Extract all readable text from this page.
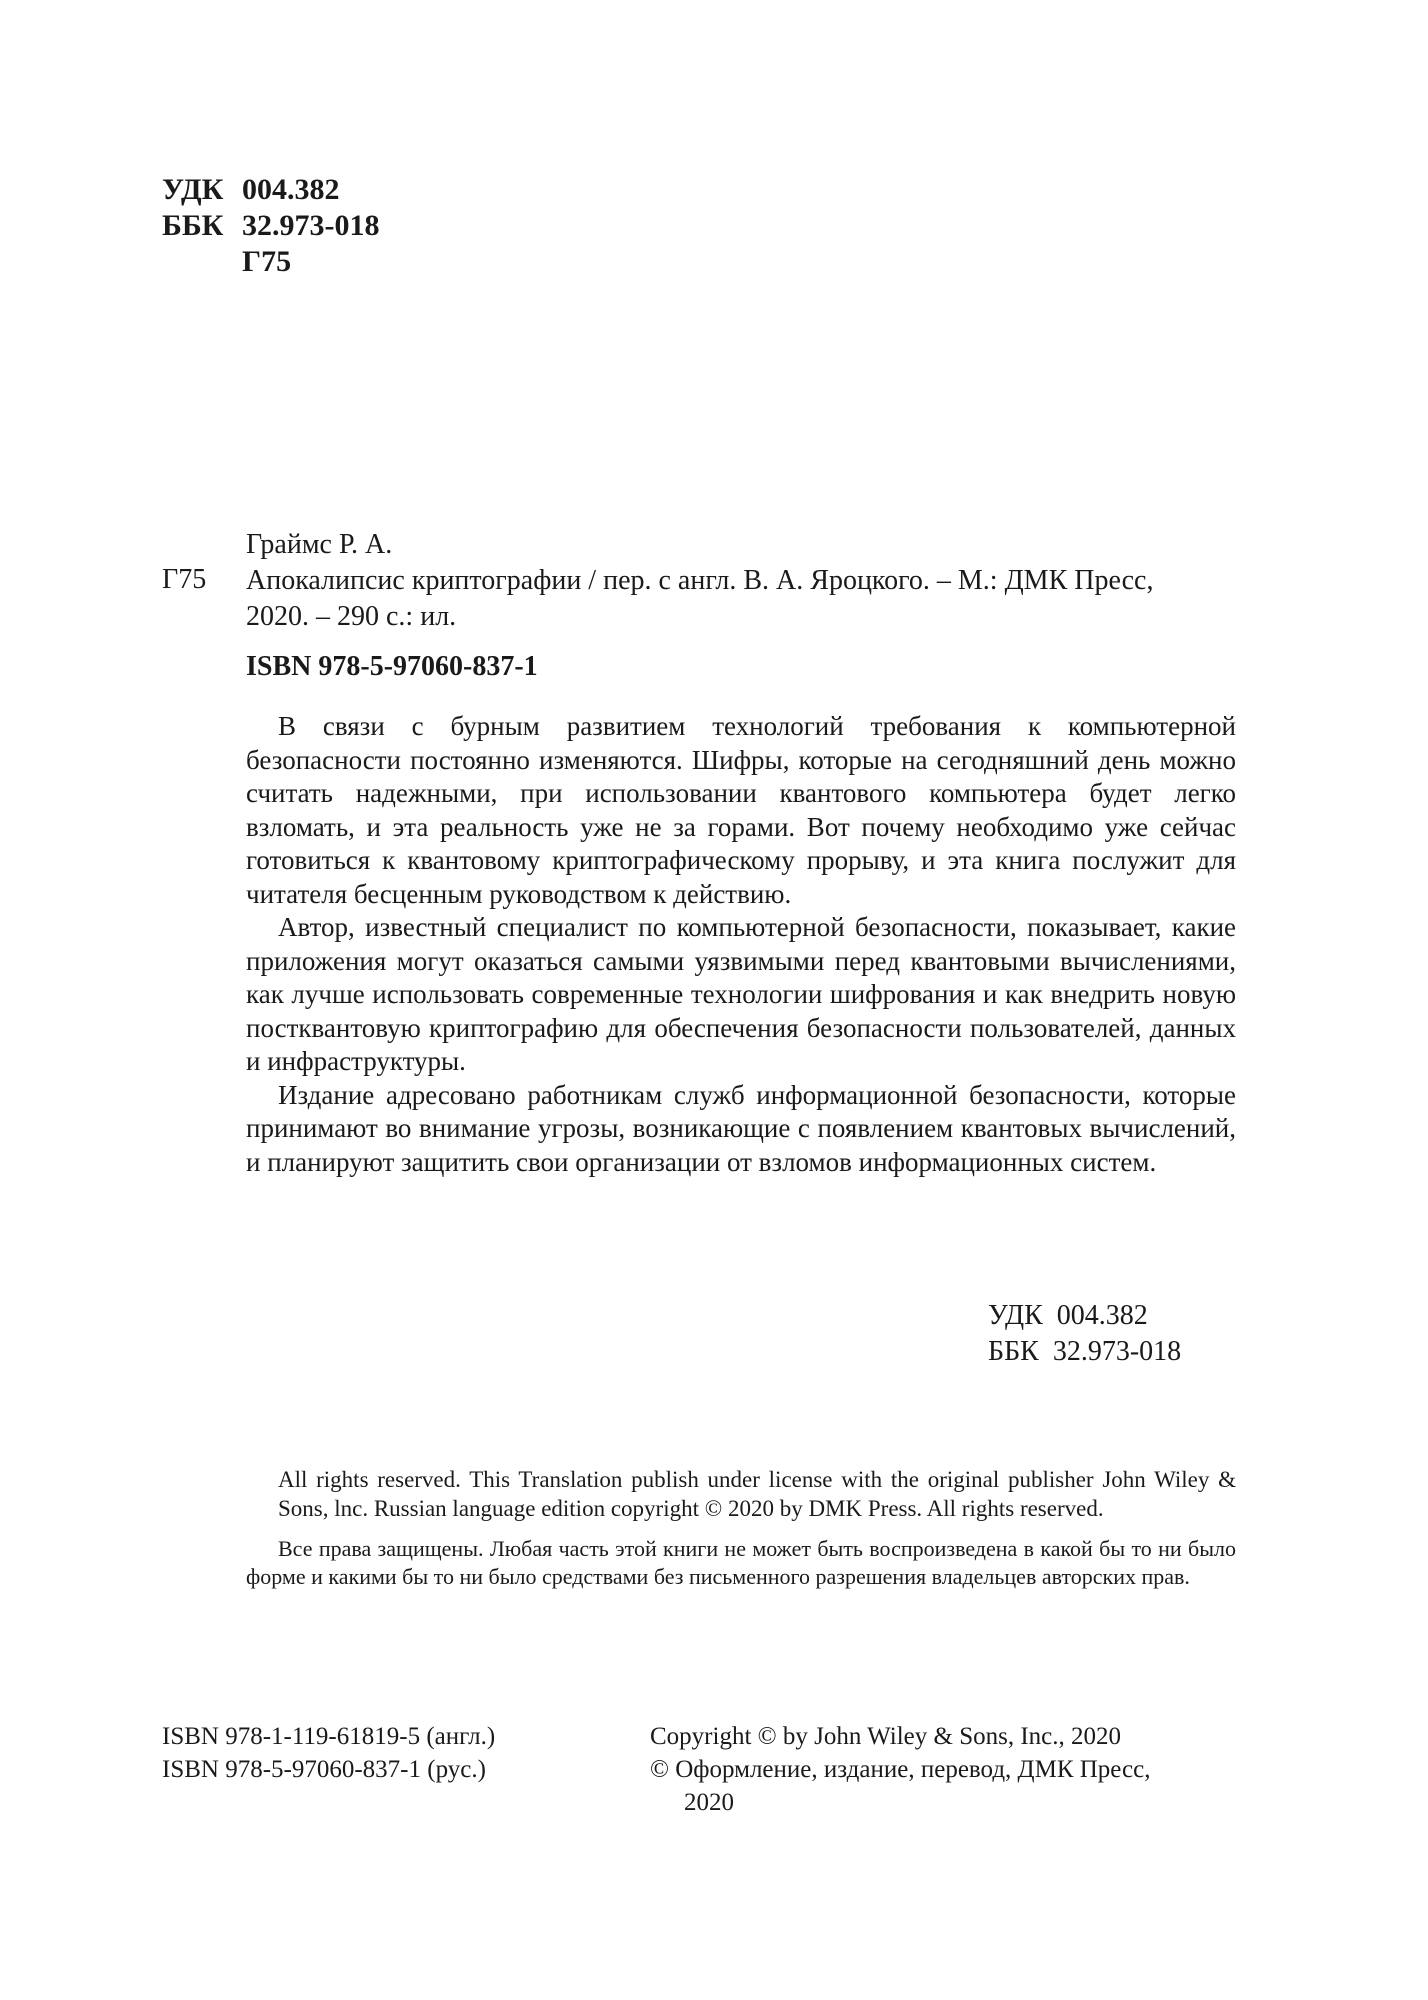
УДК 004.382
ББК 32.973-018
Г75
Г75

Граймс Р. А.

Апокалипсис криптографии / пер. с англ. В. А. Яроцкого. – М.: ДМК Пресс,

2020. – 290 с.: ил.

ISBN 978-5-97060-837-1

В связи с бурным развитием технологий требования к компьютерной безопасности постоянно изменяются. Шифры, которые на сегодняшний день можно считать надежными, при использовании квантового компьютера будет легко взломать, и эта реальность уже не за горами. Вот почему необходимо уже сейчас готовиться к квантовому криптографическому прорыву, и эта книга послужит для читателя бесценным руководством к действию.

Автор, известный специалист по компьютерной безопасности, показывает, какие приложения могут оказаться самыми уязвимыми перед квантовыми вычислениями, как лучше использовать современные технологии шифрования и как внедрить новую постквантовую криптографию для обеспечения безопасности пользователей, данных и инфраструктуры.

Издание адресовано работникам служб информационной безопасности, которые принимают во внимание угрозы, возникающие с появлением квантовых вычислений, и планируют защитить свои организации от взломов информационных систем.

УДК  004.382
ББК  32.973-018
All rights reserved. This Translation publish under license with the original publisher John Wiley & Sons, lnc. Russian language edition copyright © 2020 by DMK Press. All rights reserved.
Все права защищены. Любая часть этой книги не может быть воспроизведена в какой бы то ни было форме и какими бы то ни было средствами без письменного разрешения владельцев авторских прав.
ISBN 978-1-119-61819-5 (англ.)
ISBN 978-5-97060-837-1 (рус.)
Copyright © by John Wiley & Sons, Inc., 2020
© Оформление, издание, перевод, ДМК Пресс,
2020
